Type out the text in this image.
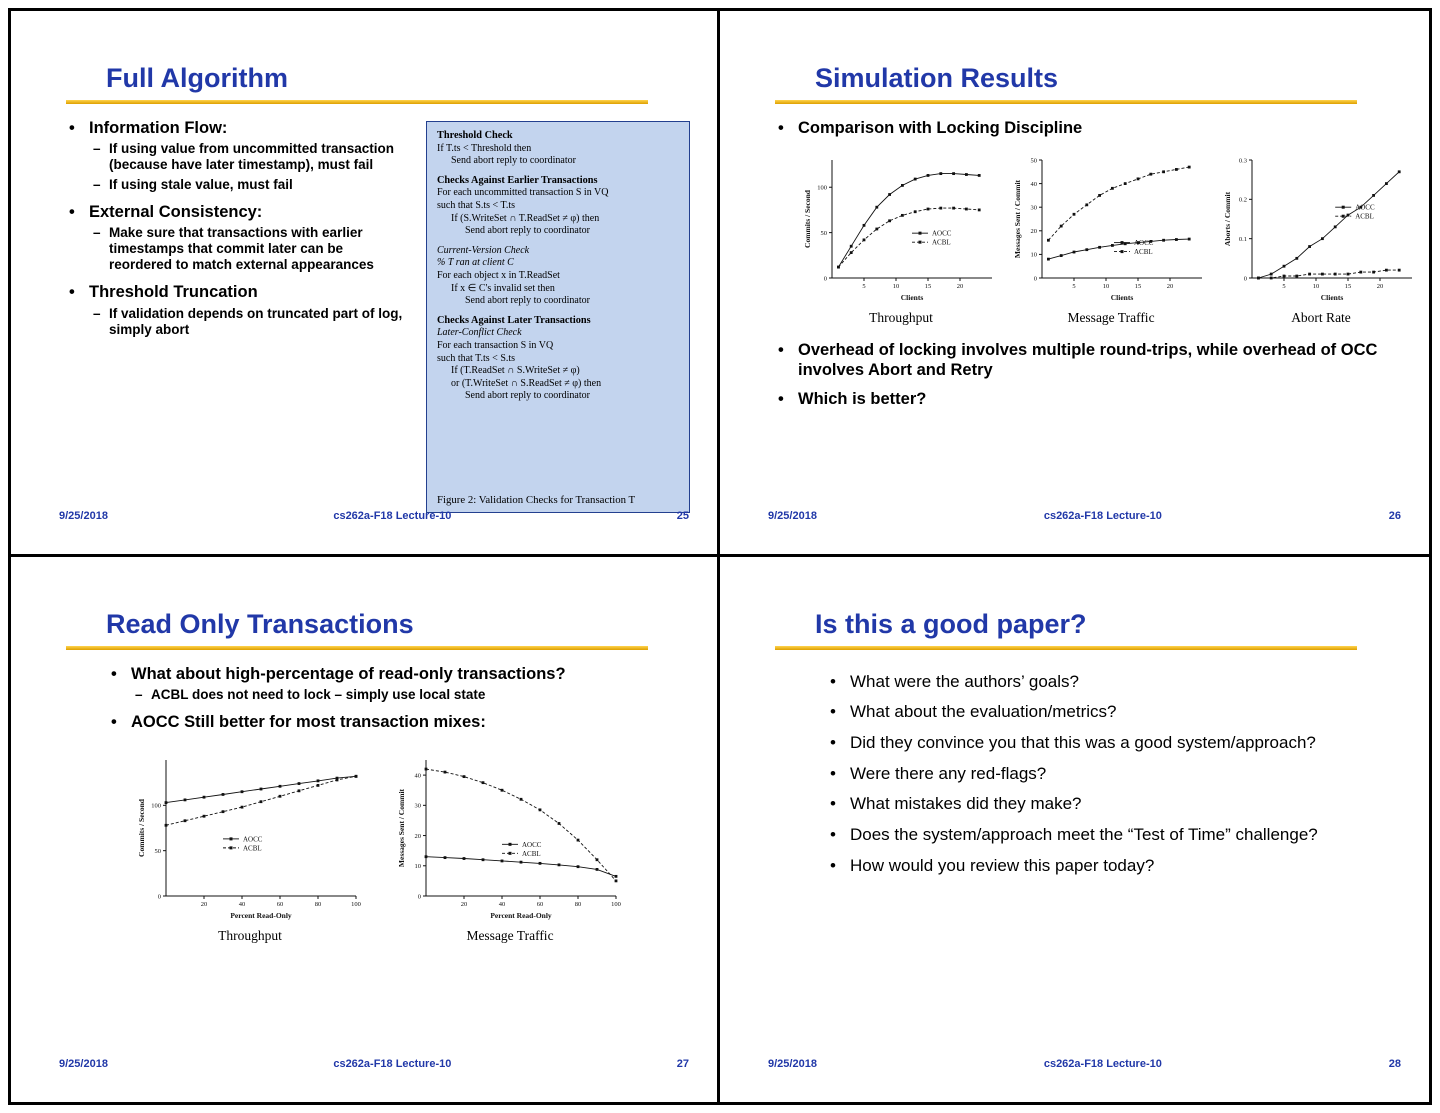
Full Algorithm
• Information Flow:
– If using value from uncommitted transaction (because have later timestamp), must fail
– If using stale value, must fail
• External Consistency:
– Make sure that transactions with earlier timestamps that commit later can be reordered to match external appearances
• Threshold Truncation
– If validation depends on truncated part of log, simply abort
Threshold Check
If T.ts < Threshold then
Send abort reply to coordinator
Checks Against Earlier Transactions
For each uncommitted transaction S in VQ
such that S.ts < T.ts
If (S.WriteSet ∩ T.ReadSet ≠ φ) then
Send abort reply to coordinator
Current-Version Check
% T ran at client C
For each object x in T.ReadSet
If x ∈ C's invalid set then
Send abort reply to coordinator
Checks Against Later Transactions
Later-Conflict Check
For each transaction S in VQ
such that T.ts < S.ts
If (T.ReadSet ∩ S.WriteSet ≠ φ)
or (T.WriteSet ∩ S.ReadSet ≠ φ) then
Send abort reply to coordinator
Figure 2: Validation Checks for Transaction T
9/25/2018	cs262a-F18 Lecture-10	25
Simulation Results
• Comparison with Locking Discipline
0
50
100
5	10	15	20
Commits / Second
Clients
AOCC
ACBL
Throughput
0
10
20
30
40
50
5	10	15	20
Messages Sent / Commit
Clients
AOCC
ACBL
Message Traffic
0
0.1
0.2
0.3
5	10	15	20
Aborts / Commit
Clients
AOCC
ACBL
Abort Rate
• Overhead of locking involves multiple round-trips, while overhead of OCC involves Abort and Retry
• Which is better?
9/25/2018	cs262a-F18 Lecture-10	26
Read Only Transactions
• What about high-percentage of read-only transactions?
– ACBL does not need to lock – simply use local state
• AOCC Still better for most transaction mixes:
0
50
100
20	40	60	80	100
Commits / Second
Percent Read-Only
AOCC
ACBL
Throughput
0
10
20
30
40
20	40	60	80	100
Messages Sent / Commit
Percent Read-Only
AOCC
ACBL
Message Traffic
9/25/2018	cs262a-F18 Lecture-10	27
Is this a good paper?
• What were the authors’ goals?
• What about the evaluation/metrics?
• Did they convince you that this was a good system/approach?
• Were there any red-flags?
• What mistakes did they make?
• Does the system/approach meet the “Test of Time” challenge?
• How would you review this paper today?
9/25/2018	cs262a-F18 Lecture-10	28
